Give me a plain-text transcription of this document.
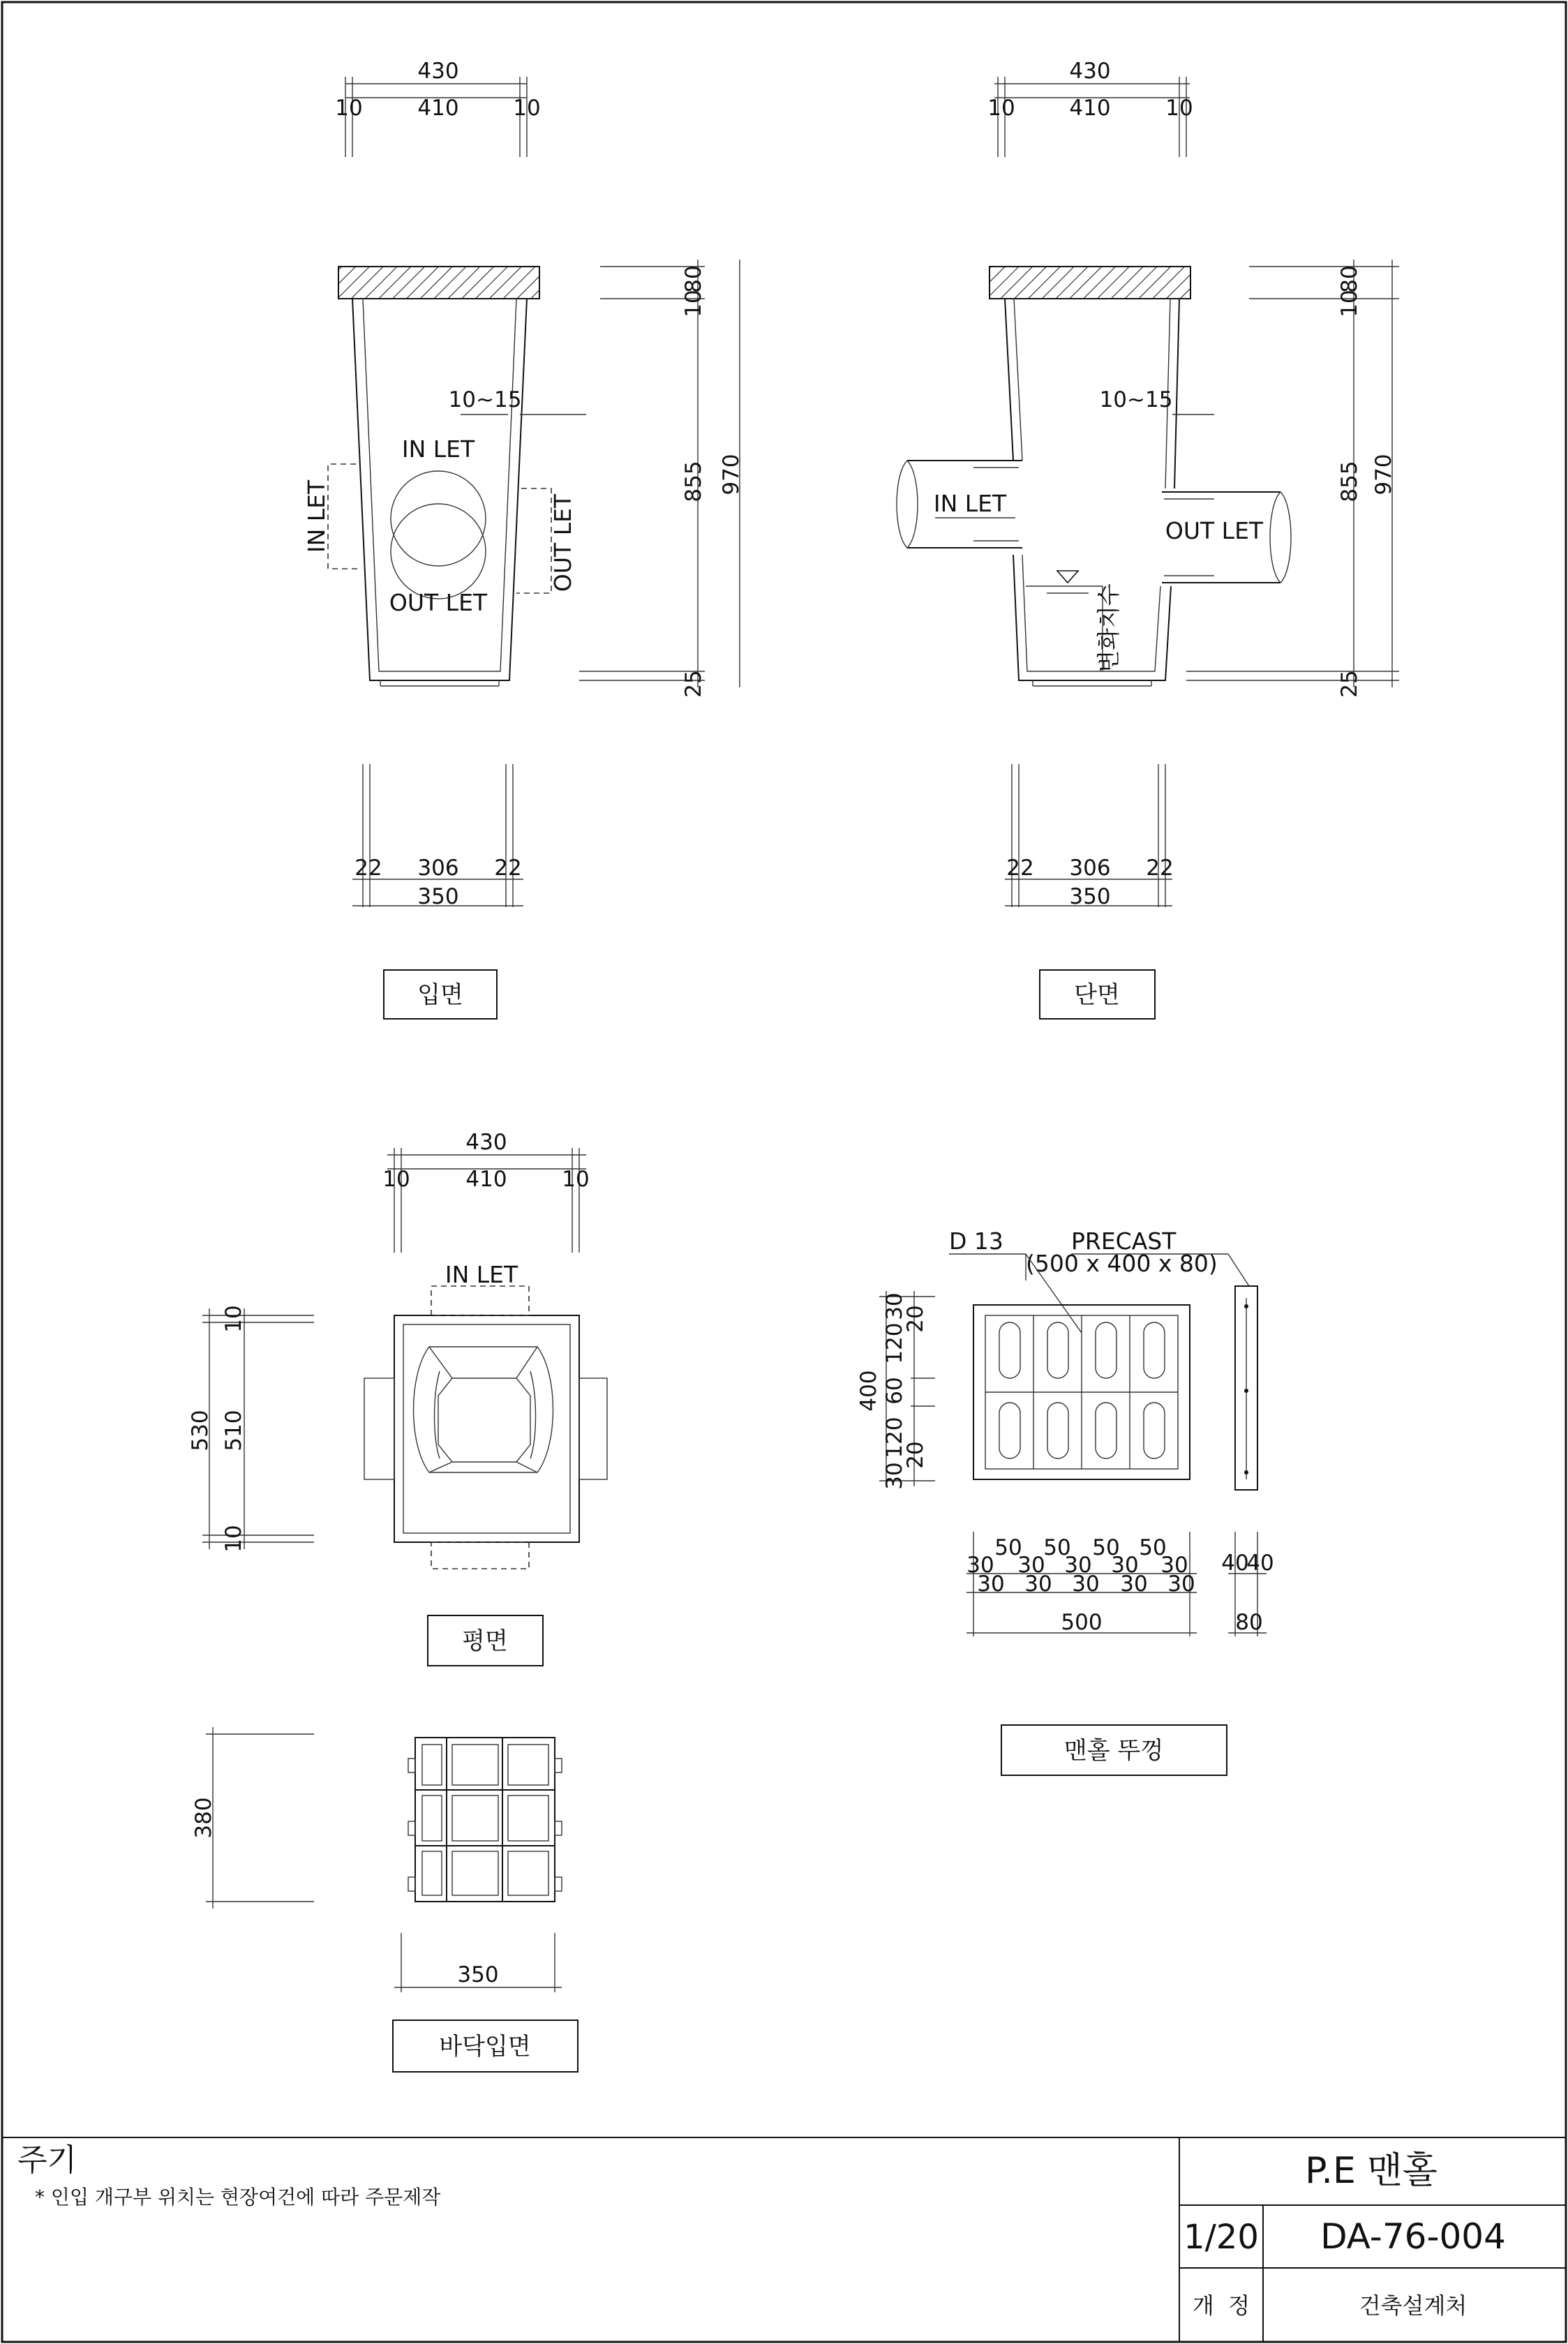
430
10	410	10
IN LET
OUT LET
IN LET	OUT LET
10~15
10
80
855 970
25
22 306 22
350
입면
430
10	410	10
IN LET
OUT LET
변화치수
10~15
10
80
855 970
25
22 306 22
350
단면
430
10	410	10
IN LET
530 510
10
10
평면
D 13	PRECAST
(500 x 400 x 80)
400
30
120
60
120
30
20
20
50 50 50 50
30 30 30 30 30
30 30 30 30 30
500
40
40
80
맨홀 뚜껑
380
350
바닥입면
주기
* 인입 개구부 위치는 현장여건에 따라 주문제작
P.E 맨홀
1/20 DA-76-004
개  정	건축설계처
